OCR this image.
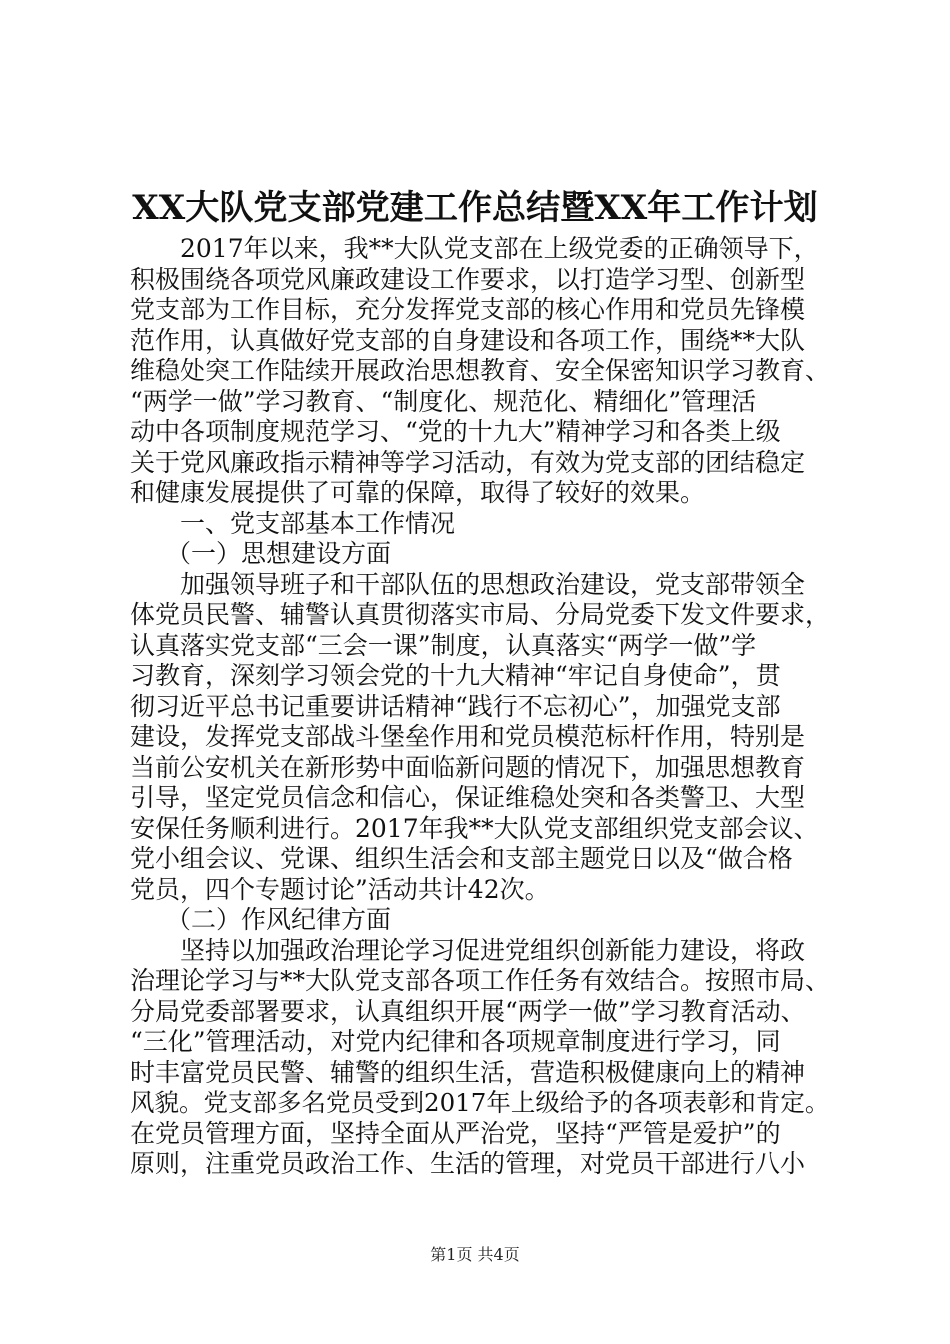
XX大队党支部党建工作总结暨XX年工作计划
2017年以来，我**大队党支部在上级党委的正确领导下，
积极围绕各项党风廉政建设工作要求，以打造学习型、创新型
党支部为工作目标，充分发挥党支部的核心作用和党员先锋模
范作用，认真做好党支部的自身建设和各项工作，围绕**大队
维稳处突工作陆续开展政治思想教育、安全保密知识学习教育、
“两学一做”学习教育、“制度化、规范化、精细化”管理活
动中各项制度规范学习、“党的十九大”精神学习和各类上级
关于党风廉政指示精神等学习活动，有效为党支部的团结稳定
和健康发展提供了可靠的保障，取得了较好的效果。
一、党支部基本工作情况
（一）思想建设方面
加强领导班子和干部队伍的思想政治建设，党支部带领全
体党员民警、辅警认真贯彻落实市局、分局党委下发文件要求，
认真落实党支部“三会一课”制度，认真落实“两学一做”学
习教育，深刻学习领会党的十九大精神“牢记自身使命”，贯
彻习近平总书记重要讲话精神“践行不忘初心”，加强党支部
建设，发挥党支部战斗堡垒作用和党员模范标杆作用，特别是
当前公安机关在新形势中面临新问题的情况下，加强思想教育
引导，坚定党员信念和信心，保证维稳处突和各类警卫、大型
安保任务顺利进行。2017年我**大队党支部组织党支部会议、
党小组会议、党课、组织生活会和支部主题党日以及“做合格
党员，四个专题讨论”活动共计42次。
（二）作风纪律方面
坚持以加强政治理论学习促进党组织创新能力建设，将政
治理论学习与**大队党支部各项工作任务有效结合。按照市局、
分局党委部署要求，认真组织开展“两学一做”学习教育活动、
“三化”管理活动，对党内纪律和各项规章制度进行学习，同
时丰富党员民警、辅警的组织生活，营造积极健康向上的精神
风貌。党支部多名党员受到2017年上级给予的各项表彰和肯定。
在党员管理方面，坚持全面从严治党，坚持“严管是爱护”的
原则，注重党员政治工作、生活的管理，对党员干部进行八小
第1页 共4页
